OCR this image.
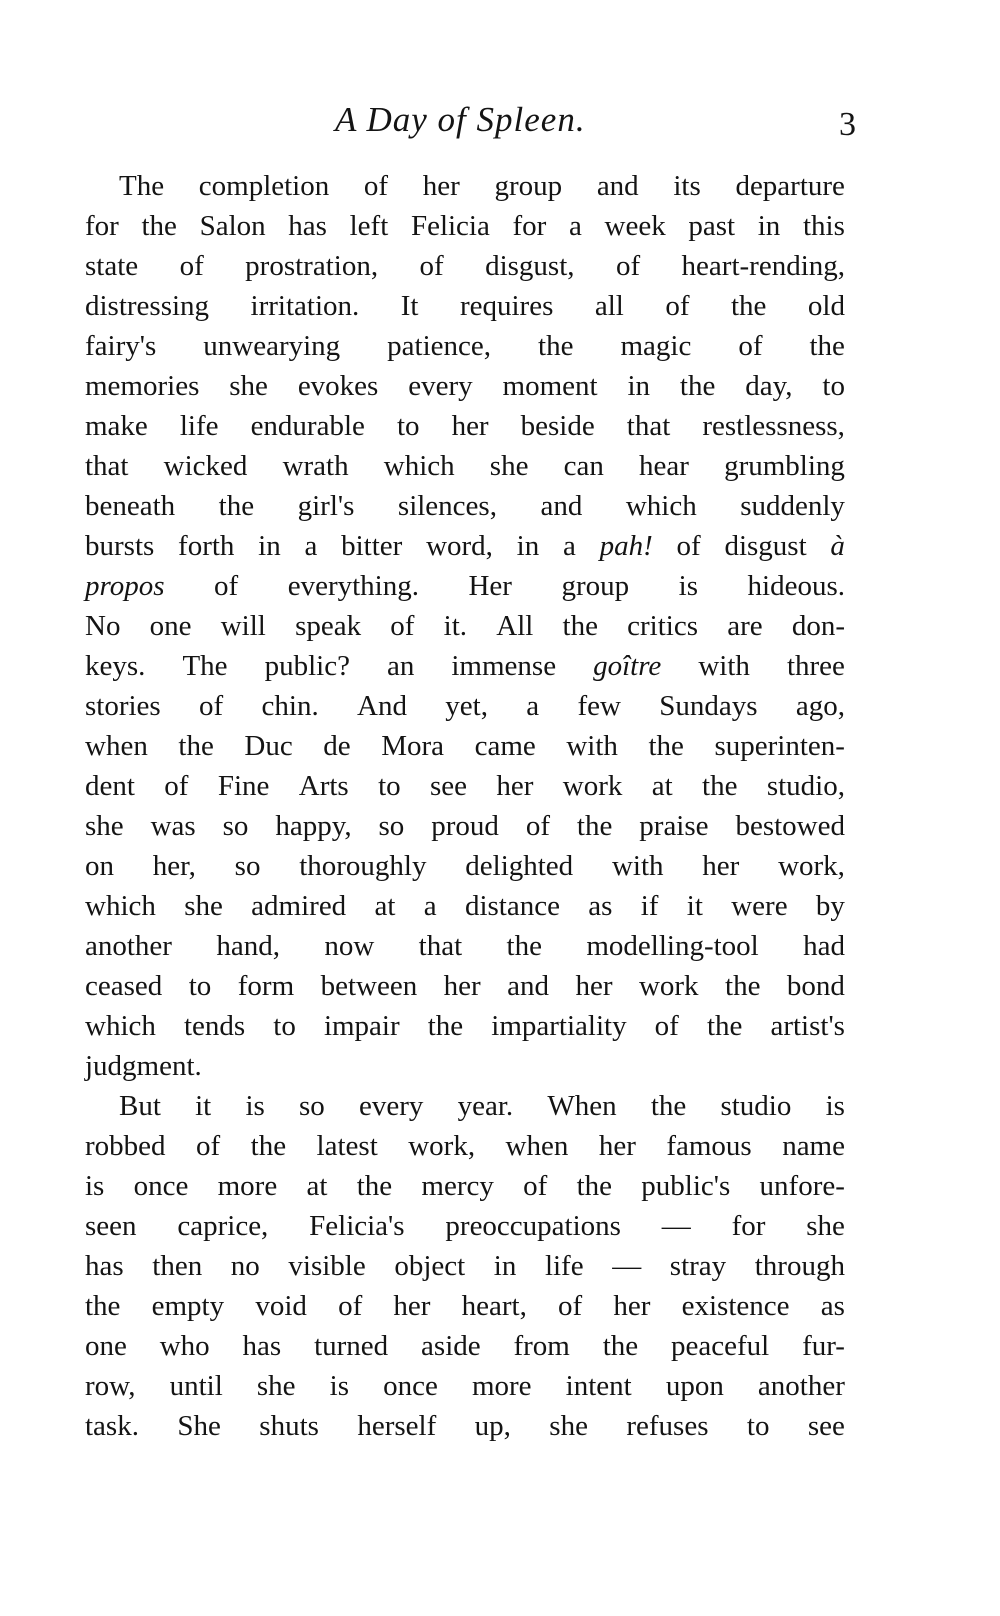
A Day of Spleen.	3
The completion of her group and its departure
for the Salon has left Felicia for a week past in this
state of prostration, of disgust, of heart-rending,
distressing irritation. It requires all of the old
fairy's unwearying patience, the magic of the
memories she evokes every moment in the day, to
make life endurable to her beside that restlessness,
that wicked wrath which she can hear grumbling
beneath the girl's silences, and which suddenly
bursts forth in a bitter word, in a pah! of disgust à
propos of everything. Her group is hideous.
No one will speak of it. All the critics are don-
keys. The public? an immense goître with three
stories of chin. And yet, a few Sundays ago,
when the Duc de Mora came with the superinten-
dent of Fine Arts to see her work at the studio,
she was so happy, so proud of the praise bestowed
on her, so thoroughly delighted with her work,
which she admired at a distance as if it were by
another hand, now that the modelling-tool had
ceased to form between her and her work the bond
which tends to impair the impartiality of the artist's
judgment.
But it is so every year. When the studio is
robbed of the latest work, when her famous name
is once more at the mercy of the public's unfore-
seen caprice, Felicia's preoccupations — for she
has then no visible object in life — stray through
the empty void of her heart, of her existence as
one who has turned aside from the peaceful fur-
row, until she is once more intent upon another
task. She shuts herself up, she refuses to see
